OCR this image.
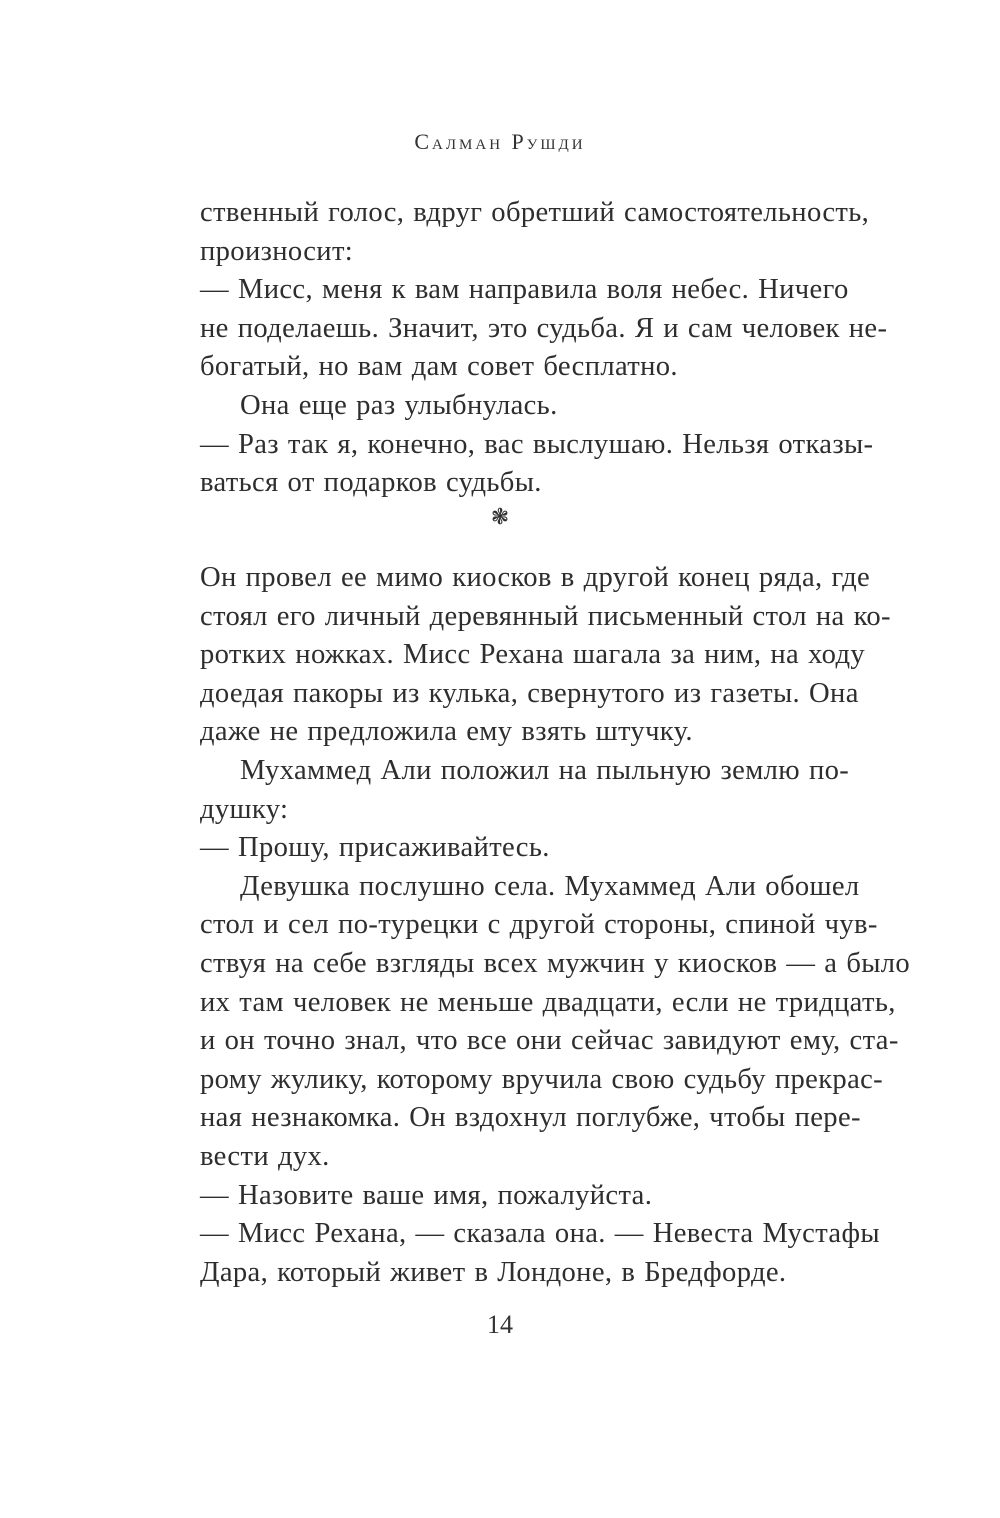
Салман Рушди
ственный голос, вдруг обретший самостоятельность,
произносит:
— Мисс, меня к вам направила воля небес. Ничего
не поделаешь. Значит, это судьба. Я и сам человек не-
богатый, но вам дам совет бесплатно.
Она еще раз улыбнулась.
— Раз так я, конечно, вас выслушаю. Нельзя отказы-
ваться от подарков судьбы.
❃
Он провел ее мимо киосков в другой конец ряда, где
стоял его личный деревянный письменный стол на ко-
ротких ножках. Мисс Рехана шагала за ним, на ходу
доедая пакоры из кулька, свернутого из газеты. Она
даже не предложила ему взять штучку.
Мухаммед Али положил на пыльную землю по-
душку:
— Прошу, присаживайтесь.
Девушка послушно села. Мухаммед Али обошел
стол и сел по-турецки с другой стороны, спиной чув-
ствуя на себе взгляды всех мужчин у киосков — а было
их там человек не меньше двадцати, если не тридцать,
и он точно знал, что все они сейчас завидуют ему, ста-
рому жулику, которому вручила свою судьбу прекрас-
ная незнакомка. Он вздохнул поглубже, чтобы пере-
вести дух.
— Назовите ваше имя, пожалуйста.
— Мисс Рехана, — сказала она. — Невеста Мустафы
Дара, который живет в Лондоне, в Бредфорде.
14
